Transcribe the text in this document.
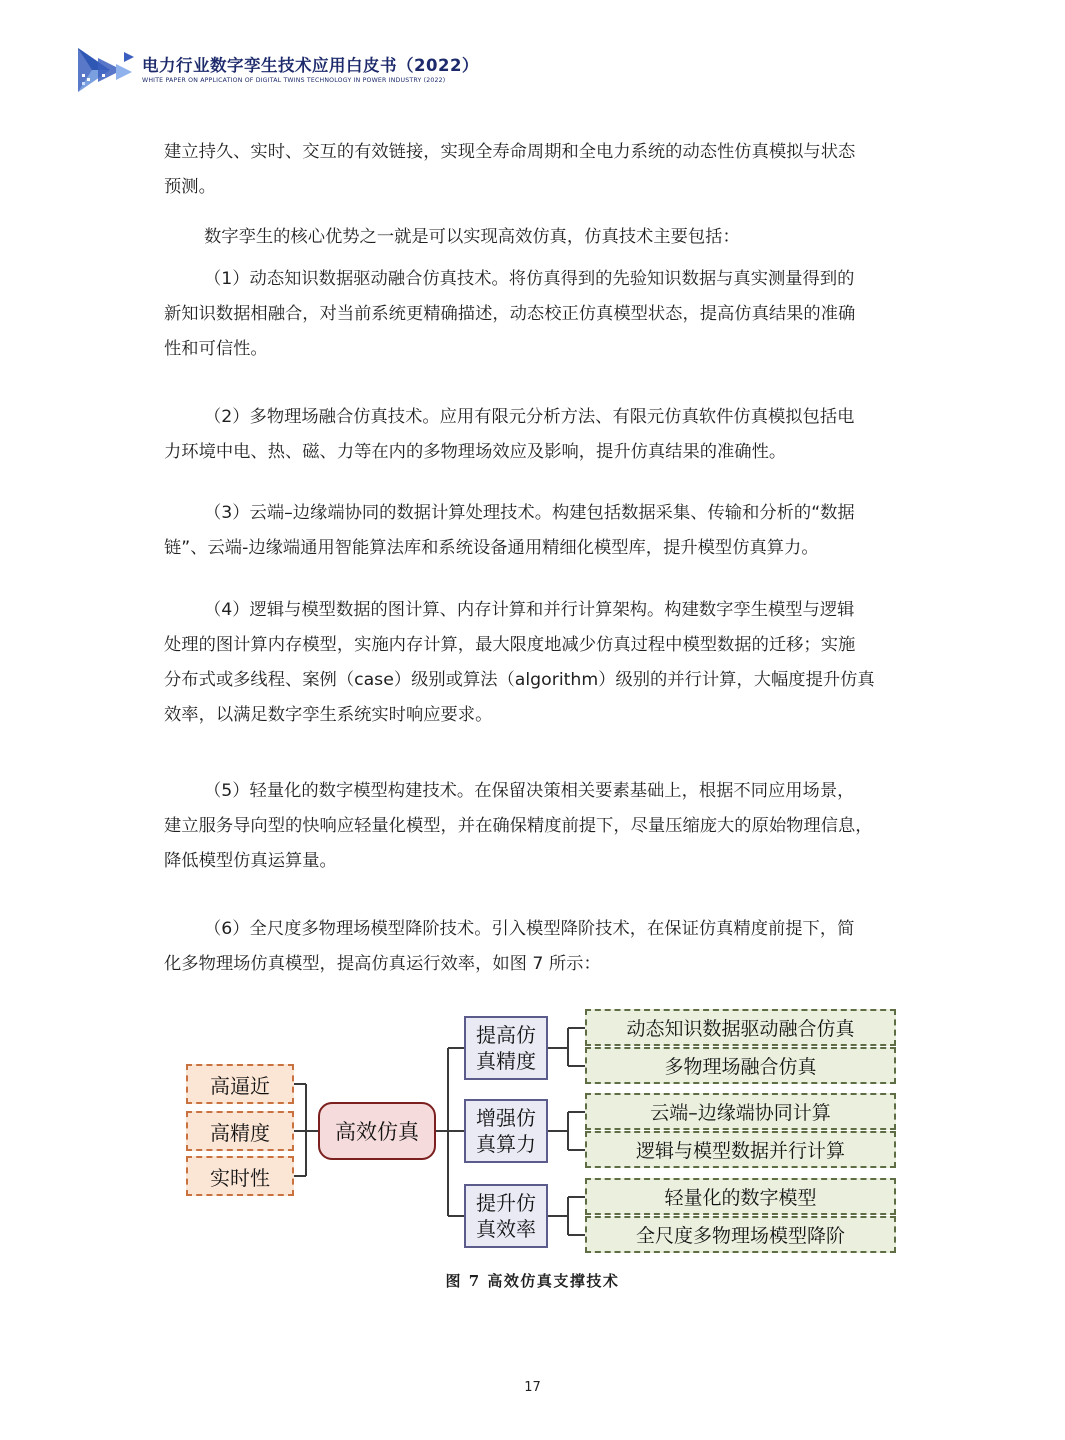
电力行业数字孪生技术应用白皮书（2022）
WHITE PAPER ON APPLICATION OF DIGITAL TWINS TECHNOLOGY IN POWER INDUSTRY (2022)
建立持久、实时、交互的有效链接，实现全寿命周期和全电力系统的动态性仿真模拟与状态
预测。
数字孪生的核心优势之一就是可以实现高效仿真，仿真技术主要包括：
（1）动态知识数据驱动融合仿真技术。将仿真得到的先验知识数据与真实测量得到的
新知识数据相融合，对当前系统更精确描述，动态校正仿真模型状态，提高仿真结果的准确
性和可信性。
（2）多物理场融合仿真技术。应用有限元分析方法、有限元仿真软件仿真模拟包括电
力环境中电、热、磁、力等在内的多物理场效应及影响，提升仿真结果的准确性。
（3）云端–边缘端协同的数据计算处理技术。构建包括数据采集、传输和分析的“数据
链”、云端-边缘端通用智能算法库和系统设备通用精细化模型库，提升模型仿真算力。
（4）逻辑与模型数据的图计算、内存计算和并行计算架构。构建数字孪生模型与逻辑
处理的图计算内存模型，实施内存计算，最大限度地减少仿真过程中模型数据的迁移；实施
分布式或多线程、案例（case）级别或算法（algorithm）级别的并行计算，大幅度提升仿真
效率，以满足数字孪生系统实时响应要求。
（5）轻量化的数字模型构建技术。在保留决策相关要素基础上，根据不同应用场景，
建立服务导向型的快响应轻量化模型，并在确保精度前提下，尽量压缩庞大的原始物理信息，
降低模型仿真运算量。
（6）全尺度多物理场模型降阶技术。引入模型降阶技术，在保证仿真精度前提下，简
化多物理场仿真模型，提高仿真运行效率，如图 7 所示：
高逼近
高精度
实时性
高效仿真
提高仿
真精度
增强仿
真算力
提升仿
真效率
动态知识数据驱动融合仿真
多物理场融合仿真
云端–边缘端协同计算
逻辑与模型数据并行计算
轻量化的数字模型
全尺度多物理场模型降阶
图 7 高效仿真支撑技术
17
